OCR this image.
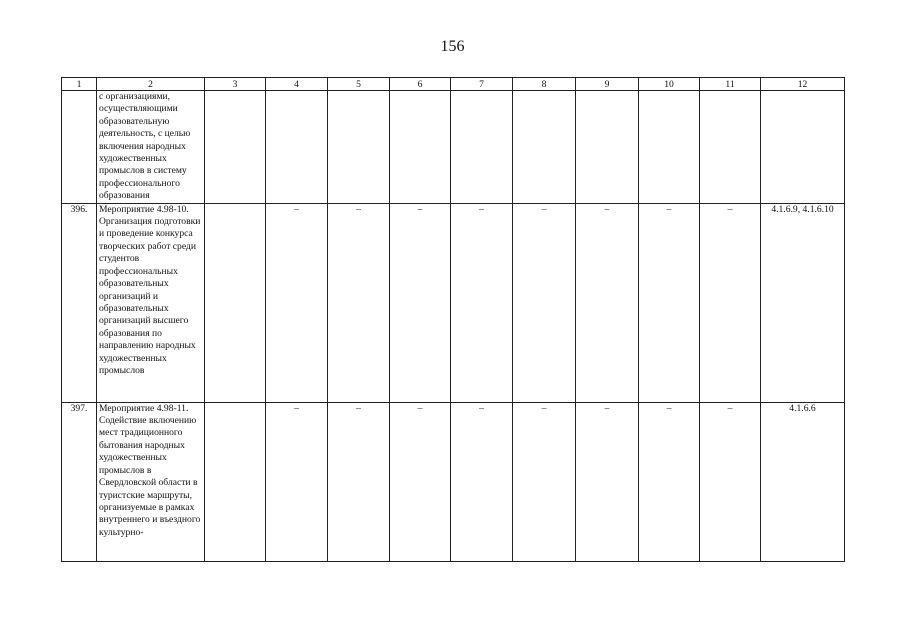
156
1	2	3	4	5	6	7	8	9	10	11	12
	с организациями, осуществляющими образовательную деятельность, с целью включения народных художественных промыслов в систему профессионального образования										
396.	Мероприятие 4.98-10. Организация подготовки и проведение конкурса творческих работ среди студентов профессиональных образовательных организаций и образовательных организаций высшего образования по направлению народных художественных промыслов		–	–	–	–	–	–	–	–	4.1.6.9, 4.1.6.10
397.	Мероприятие 4.98-11. Содействие включению мест традиционного бытования народных художественных промыслов в Свердловской области в туристские маршруты, организуемые в рамках внутреннего и въездного культурно-		–	–	–	–	–	–	–	–	4.1.6.6
